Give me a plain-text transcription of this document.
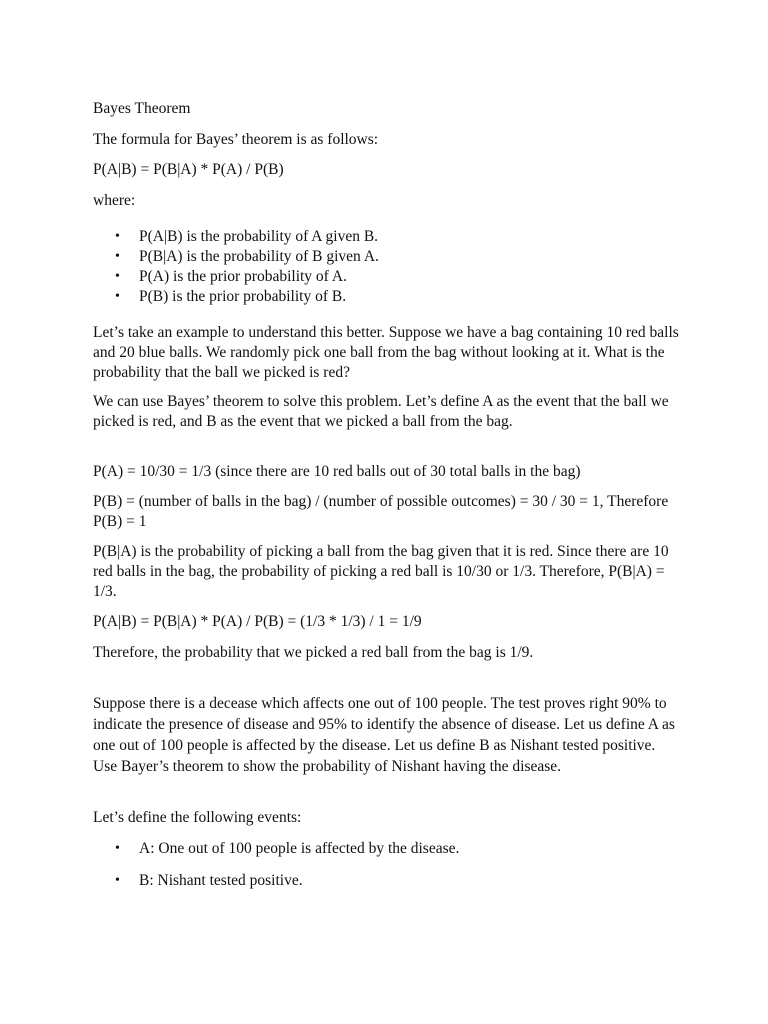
Bayes Theorem

The formula for Bayes’ theorem is as follows:

P(A|B) = P(B|A) * P(A) / P(B)

where:

• P(A|B) is the probability of A given B.
• P(B|A) is the probability of B given A.
• P(A) is the prior probability of A.
• P(B) is the prior probability of B.

Let’s take an example to understand this better. Suppose we have a bag containing 10 red balls and 20 blue balls. We randomly pick one ball from the bag without looking at it. What is the probability that the ball we picked is red?

We can use Bayes’ theorem to solve this problem. Let’s define A as the event that the ball we picked is red, and B as the event that we picked a ball from the bag.

P(A) = 10/30 = 1/3 (since there are 10 red balls out of 30 total balls in the bag)

P(B) = (number of balls in the bag) / (number of possible outcomes) = 30 / 30 = 1, Therefore P(B) = 1

P(B|A) is the probability of picking a ball from the bag given that it is red. Since there are 10 red balls in the bag, the probability of picking a red ball is 10/30 or 1/3. Therefore, P(B|A) = 1/3.

P(A|B) = P(B|A) * P(A) / P(B) = (1/3 * 1/3) / 1 = 1/9

Therefore, the probability that we picked a red ball from the bag is 1/9.

Suppose there is a decease which affects one out of 100 people. The test proves right 90% to indicate the presence of disease and 95% to identify the absence of disease. Let us define A as one out of 100 people is affected by the disease. Let us define B as Nishant tested positive. Use Bayer’s theorem to show the probability of Nishant having the disease.

Let’s define the following events:

• A: One out of 100 people is affected by the disease.
• B: Nishant tested positive.
